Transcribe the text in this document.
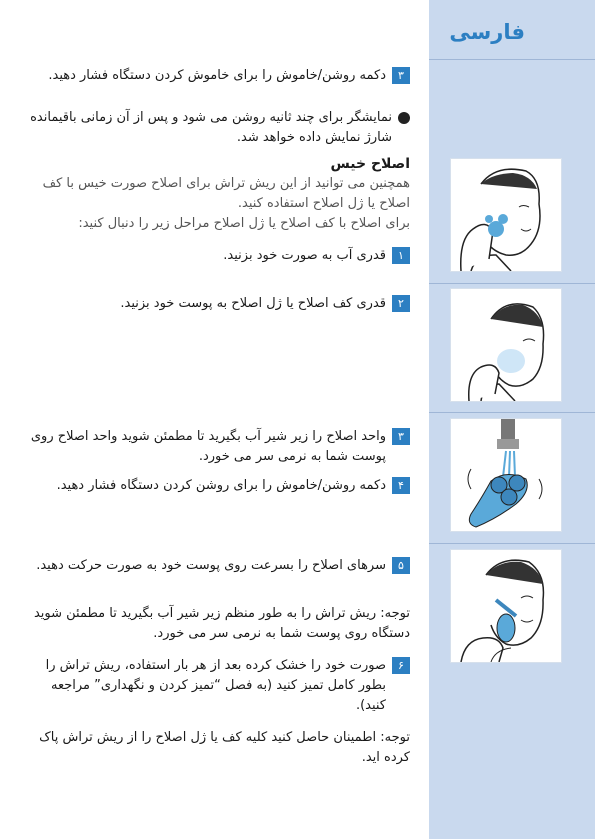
فارسی
۳
دکمه روشن/خاموش را برای خاموش کردن دستگاه فشار دهید.
نمایشگر برای چند ثانیه روشن می شود و پس از آن زمانی باقیمانده شارژ نمایش داده خواهد شد.
اصلاح خیس
همچنین می توانید از این ریش تراش برای اصلاح صورت خیس با کف اصلاح یا ژل اصلاح استفاده کنید.
برای اصلاح با کف اصلاح یا ژل اصلاح مراحل زیر را دنبال کنید:
۱
قدری آب به صورت خود بزنید.
۲
قدری کف اصلاح یا ژل اصلاح به پوست خود بزنید.
۳
واحد اصلاح را زیر شیر آب بگیرید تا مطمئن شوید واحد اصلاح روی پوست شما به نرمی سر می خورد.
۴
دکمه روشن/خاموش را برای روشن کردن دستگاه فشار دهید.
۵
سرهای اصلاح را بسرعت روی پوست خود به صورت حرکت دهید.
توجه: ریش تراش را به طور منظم زیر شیر آب بگیرید تا مطمئن شوید دستگاه روی پوست شما به نرمی سر می خورد.
۶
صورت خود را خشک کرده بعد از هر بار استفاده، ریش تراش را بطور کامل تمیز کنید (به فصل “تمیز کردن و نگهداری” مراجعه کنید).
توجه: اطمینان حاصل کنید کلیه کف یا ژل اصلاح را از ریش تراش پاک کرده اید.
